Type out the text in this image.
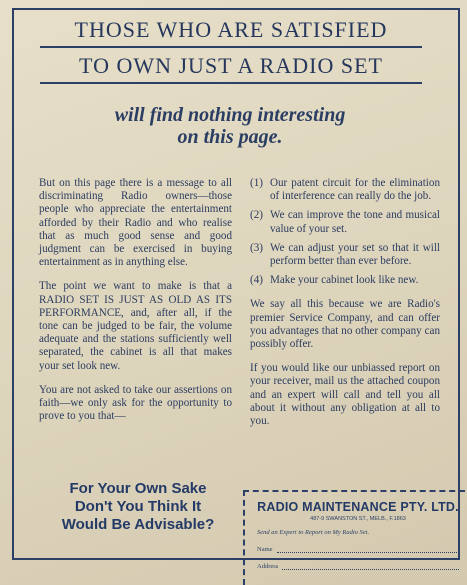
THOSE WHO ARE SATISFIED
TO OWN JUST A RADIO SET
will find nothing interesting
on this page.

But on this page there is a message to all discriminating Radio owners—those people who appreciate the entertainment afforded by their Radio and who realise that as much good sense and good judgment can be exercised in buying entertainment as in anything else.

The point we want to make is that a RADIO SET IS JUST AS OLD AS ITS PERFORMANCE, and, after all, if the tone can be judged to be fair, the volume adequate and the stations sufficiently well separated, the cabinet is all that makes your set look new.

You are not asked to take our assertions on faith—we only ask for the opportunity to prove to you that—

(1) Our patent circuit for the elimination of interference can really do the job.
(2) We can improve the tone and musical value of your set.
(3) We can adjust your set so that it will perform better than ever before.
(4) Make your cabinet look like new.

We say all this because we are Radio's premier Service Company, and can offer you advantages that no other company can possibly offer.

If you would like our unbiassed report on your receiver, mail us the attached coupon and an expert will call and tell you all about it without any obligation at all to you.

For Your Own Sake
Don't You Think It
Would Be Advisable?
RADIO MAINTENANCE PTY. LTD.
487-9 SWANSTON ST., MELB., F.1863
Send an Expert to Report on My Radio Set.
Name
Address
